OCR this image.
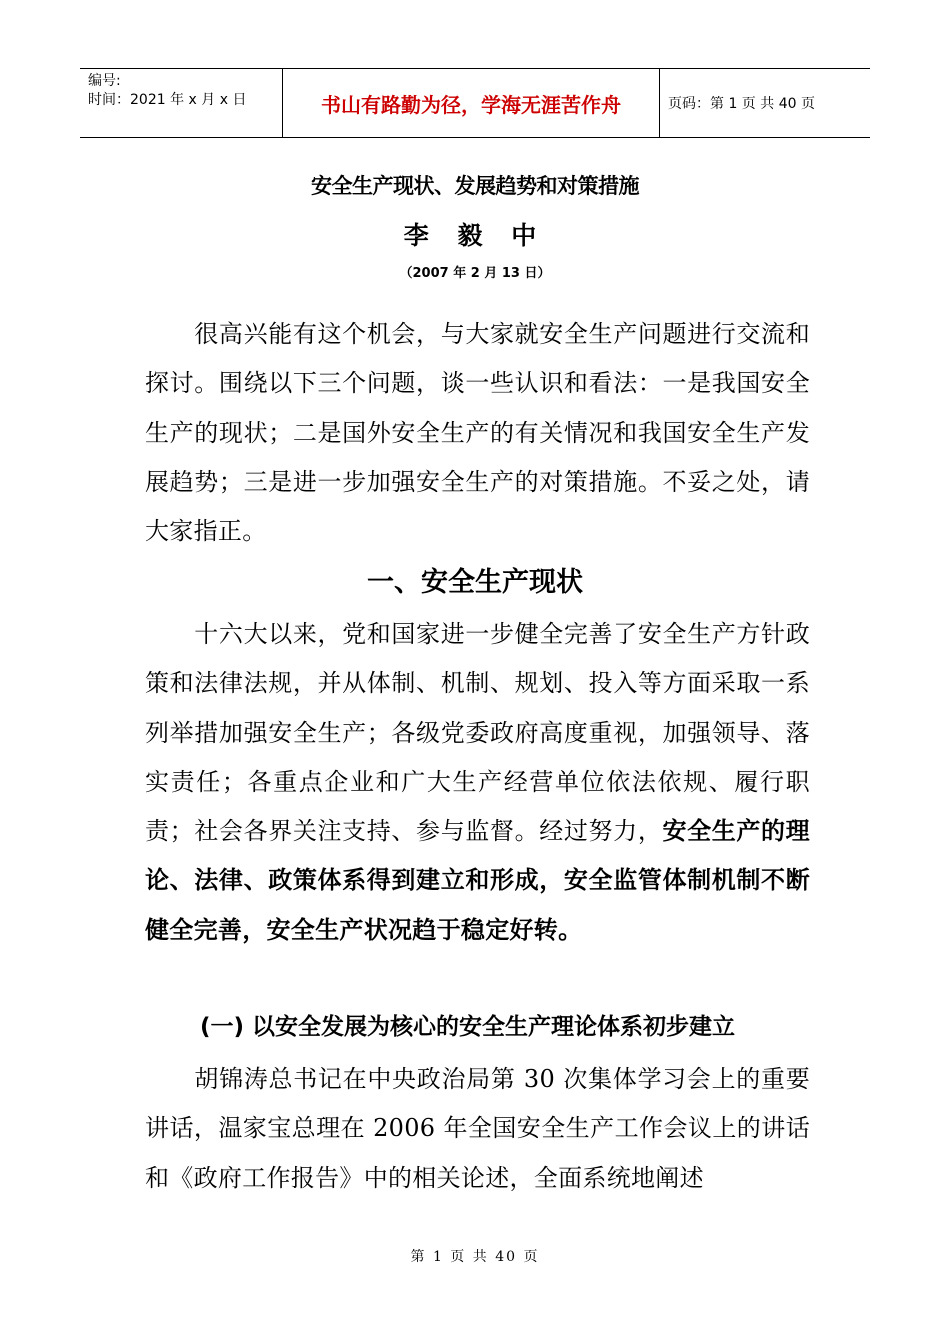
编号:
时间：2021 年 x 月 x 日	书山有路勤为径，学海无涯苦作舟	页码：第 1 页 共 40 页
安全生产现状、发展趋势和对策措施
李 毅 中
（2007 年 2 月 13 日）
　　很高兴能有这个机会，与大家就安全生产问题进行交流和探讨。围绕以下三个问题，谈一些认识和看法：一是我国安全生产的现状；二是国外安全生产的有关情况和我国安全生产发展趋势；三是进一步加强安全生产的对策措施。不妥之处，请大家指正。
一、安全生产现状
　　十六大以来，党和国家进一步健全完善了安全生产方针政策和法律法规，并从体制、机制、规划、投入等方面采取一系列举措加强安全生产；各级党委政府高度重视，加强领导、落实责任；各重点企业和广大生产经营单位依法依规、履行职责；社会各界关注支持、参与监督。经过努力，安全生产的理论、法律、政策体系得到建立和形成，安全监管体制机制不断健全完善，安全生产状况趋于稳定好转。
(一) 以安全发展为核心的安全生产理论体系初步建立
　　胡锦涛总书记在中央政治局第 30 次集体学习会上的重要讲话，温家宝总理在 2006 年全国安全生产工作会议上的讲话和《政府工作报告》中的相关论述，全面系统地阐述
第 1 页 共 40 页
